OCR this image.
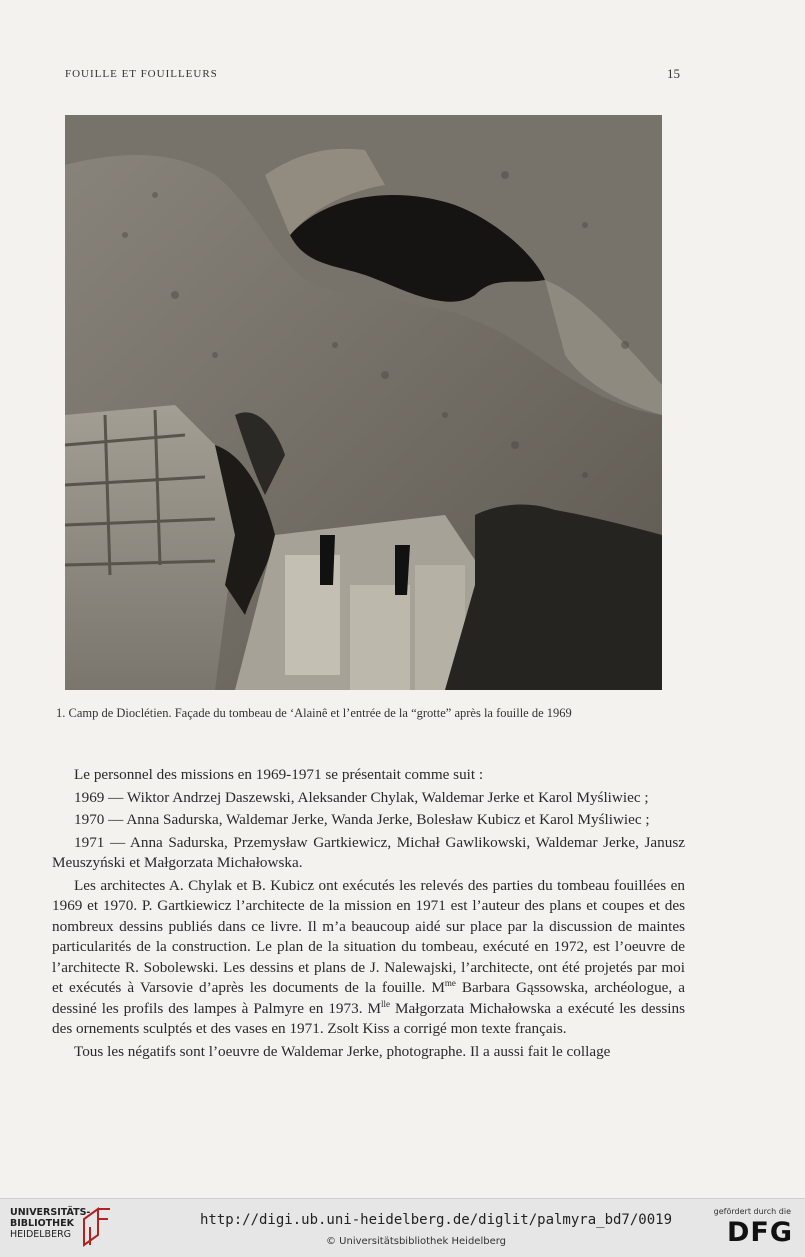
FOUILLE ET FOUILLEURS	15
1. Camp de Dioclétien. Façade du tombeau de ‘Alainê et l’entrée de la “grotte” après la fouille de 1969

Le personnel des missions en 1969-1971 se présentait comme suit :

1969 — Wiktor Andrzej Daszewski, Aleksander Chylak, Waldemar Jerke et Karol Myśliwiec ;

1970 — Anna Sadurska, Waldemar Jerke, Wanda Jerke, Bolesław Kubicz et Karol Myśliwiec ;

1971 — Anna Sadurska, Przemysław Gartkiewicz, Michał Gawlikowski, Waldemar Jerke, Janusz Meuszyński et Małgorzata Michałowska.

Les architectes A. Chylak et B. Kubicz ont exécutés les relevés des parties du tombeau fouillées en 1969 et 1970. P. Gartkiewicz l’architecte de la mission en 1971 est l’auteur des plans et coupes et des nombreux dessins publiés dans ce livre. Il m’a beaucoup aidé sur place par la discussion de maintes particularités de la construction. Le plan de la situation du tombeau, exécuté en 1972, est l’oeuvre de l’architecte R. Sobolewski. Les dessins et plans de J. Nalewajski, l’architecte, ont été projetés par moi et exécutés à Varsovie d’après les documents de la fouille. $M^{me}$ Barbara Gąssowska, archéologue, a dessiné les profils des lampes à Palmyre en 1973. $M^{lle}$ Małgorzata Michałowska a exécuté les dessins des ornements sculptés et des vases en 1971. Zsolt Kiss a corrigé mon texte français.

Tous les négatifs sont l’oeuvre de Waldemar Jerke, photographe. Il a aussi fait le collage

UNIVERSITÄTS-
BIBLIOTHEK
HEIDELBERG
http://digi.ub.uni-heidelberg.de/diglit/palmyra_bd7/0019
© Universitätsbibliothek Heidelberg
gefördert durch die
DFG
